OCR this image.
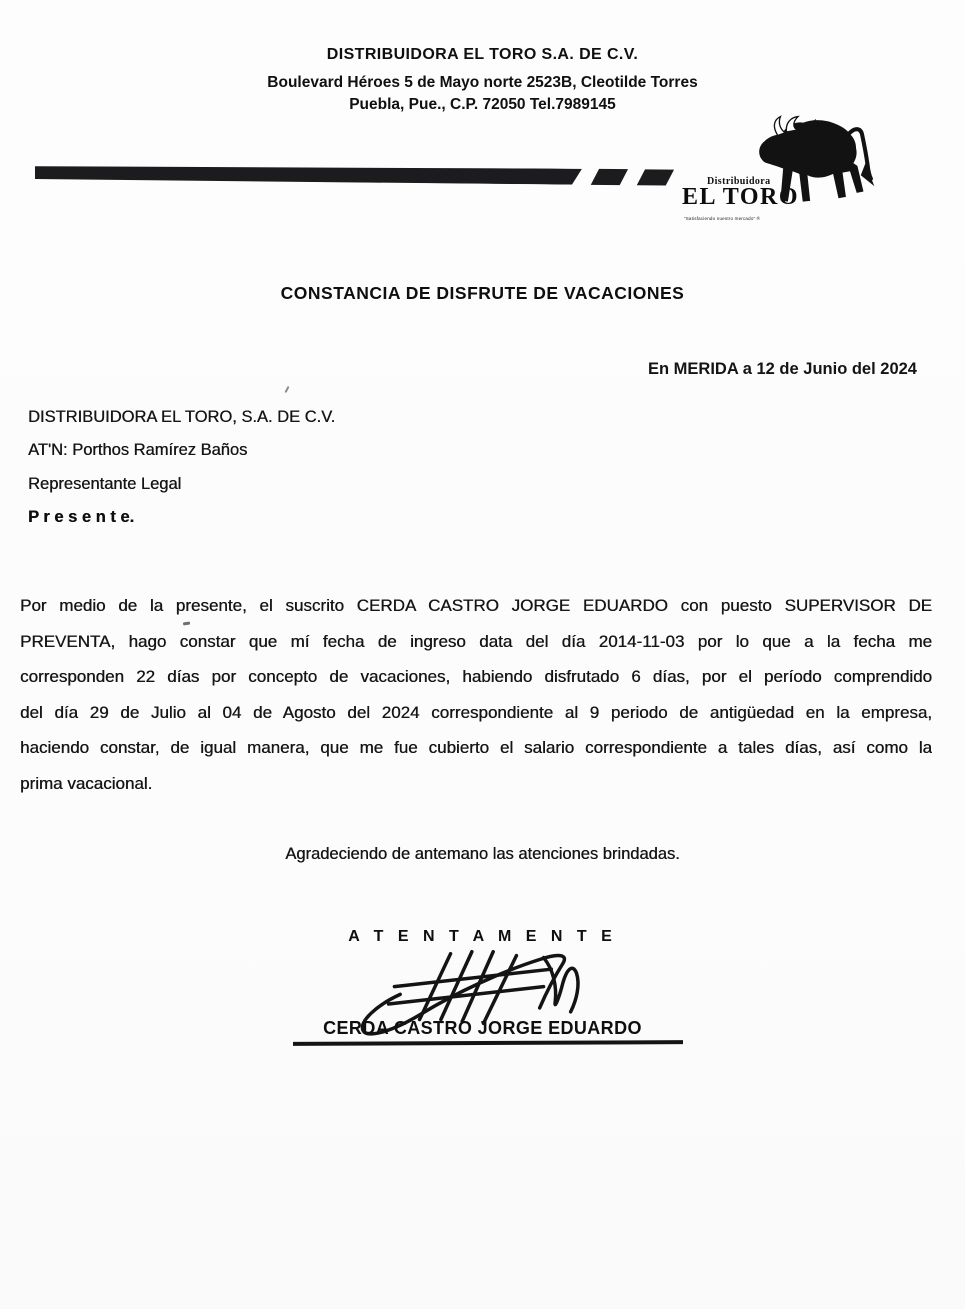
DISTRIBUIDORA EL TORO S.A. DE C.V.
Boulevard Héroes 5 de Mayo norte 2523B, Cleotilde Torres
Puebla, Pue., C.P. 72050 Tel.7989145
Distribuidora
EL TORO
“Satisfaciendo nuestro mercado” ®
CONSTANCIA DE DISFRUTE DE VACACIONES
En MERIDA a 12 de Junio del 2024
DISTRIBUIDORA EL TORO, S.A. DE C.V.
AT'N: Porthos Ramírez Baños
Representante Legal
P r e s e n t e.
Por medio de la presente, el suscrito CERDA CASTRO JORGE EDUARDO con puesto SUPERVISOR DE
PREVENTA, hago constar que mí fecha de ingreso data del día 2014-11-03 por lo que a la fecha me
corresponden 22 días por concepto de vacaciones, habiendo disfrutado 6 días, por el período comprendido
del día 29 de Julio al 04 de Agosto del 2024 correspondiente al 9 periodo de antigüedad en la empresa,
haciendo constar, de igual manera, que me fue cubierto el salario correspondiente a tales días, así como la
prima vacacional.
Agradeciendo de antemano las atenciones brindadas.
A T E N T A M E N T E
CERDA CASTRO JORGE EDUARDO
